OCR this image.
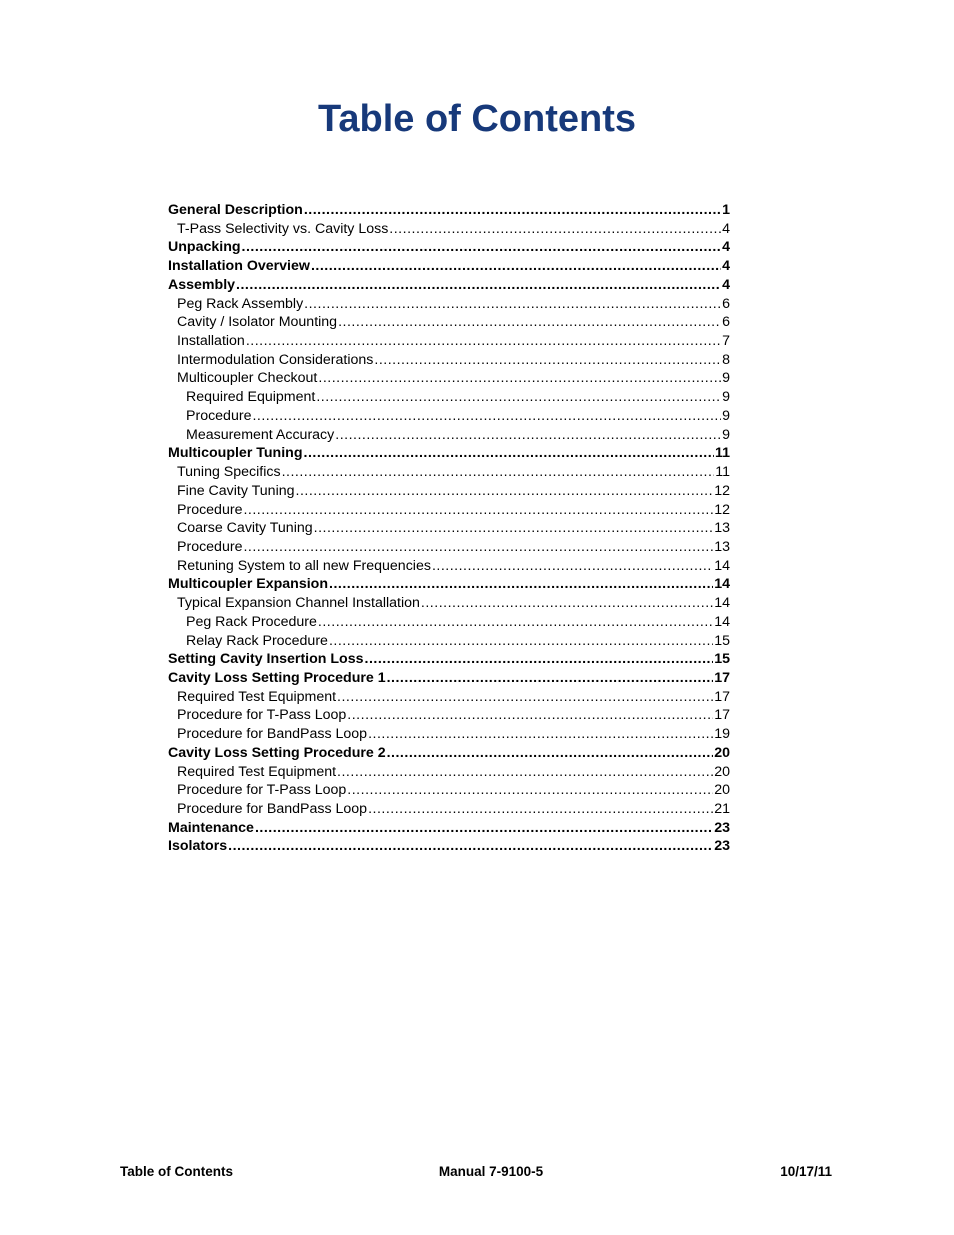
Table of Contents
General Description .....	1
T-Pass Selectivity vs. Cavity Loss .....	4
Unpacking .....	4
Installation Overview .....	4
Assembly .....	4
Peg Rack Assembly .....	6
Cavity / Isolator Mounting .....	6
Installation .....	7
Intermodulation Considerations .....	8
Multicoupler Checkout .....	9
Required Equipment .....	9
Procedure .....	9
Measurement Accuracy .....	9
Multicoupler Tuning .....	11
Tuning Specifics .....	11
Fine Cavity Tuning .....	12
Procedure .....	12
Coarse Cavity Tuning .....	13
Procedure .....	13
Retuning System to all new Frequencies .....	14
Multicoupler Expansion .....	14
Typical Expansion Channel Installation .....	14
Peg Rack Procedure .....	14
Relay Rack Procedure .....	15
Setting Cavity Insertion Loss .....	15
Cavity Loss Setting Procedure 1 .....	17
Required Test Equipment .....	17
Procedure for T-Pass Loop .....	17
Procedure for BandPass Loop .....	19
Cavity Loss Setting Procedure 2 .....	20
Required Test Equipment .....	20
Procedure for T-Pass Loop .....	20
Procedure for BandPass Loop .....	21
Maintenance .....	23
Isolators .....	23
Table of Contents	Manual 7-9100-5	10/17/11
